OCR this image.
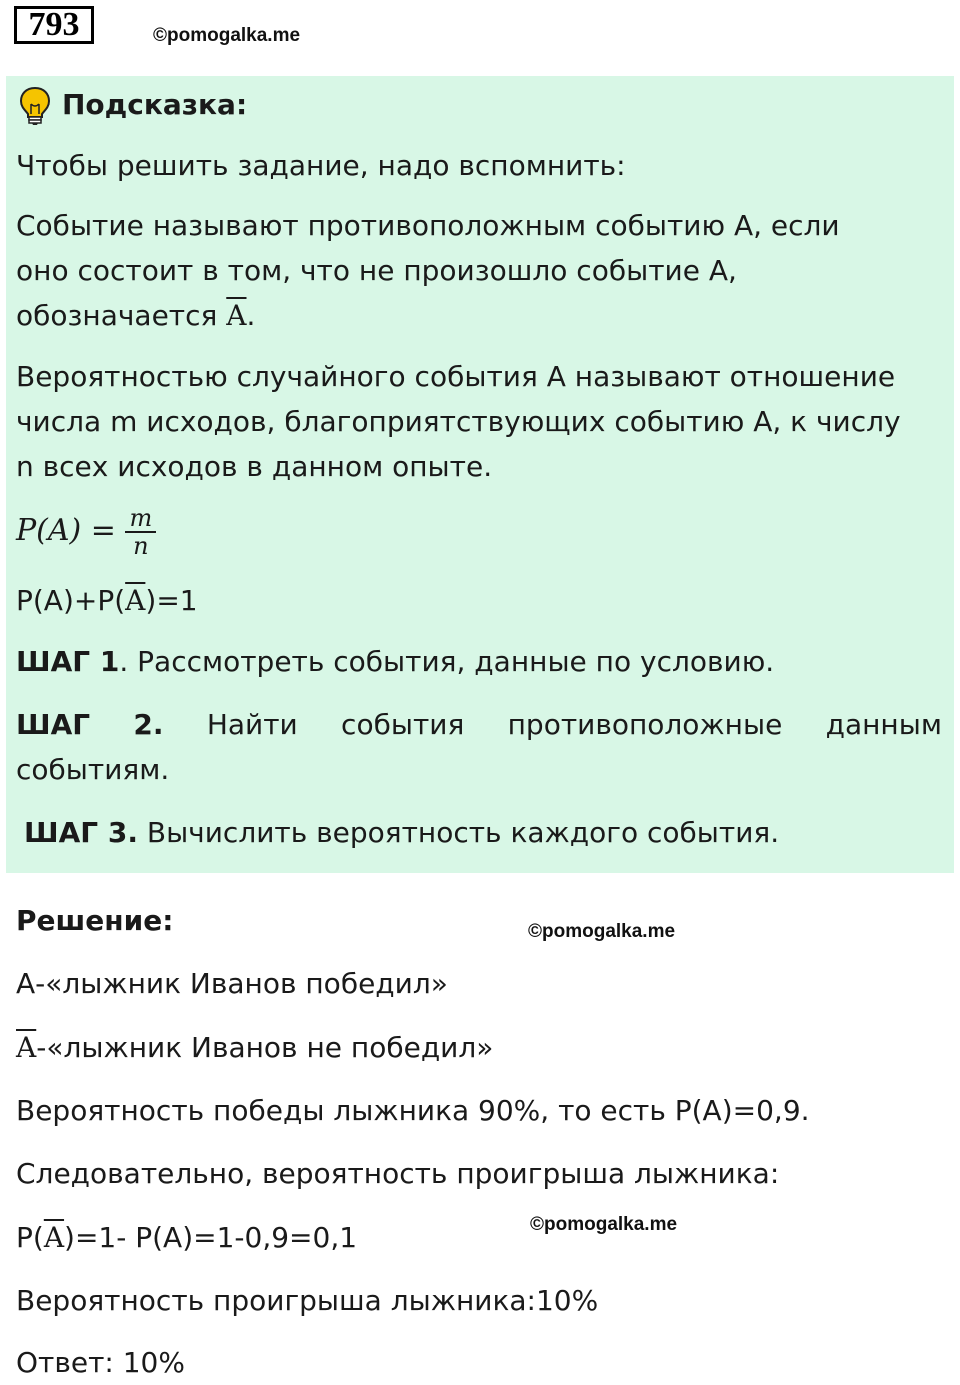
793	©pomogalka.me
Подсказка:
Чтобы решить задание, надо вспомнить:
Событие называют противоположным событию А, если
оно состоит в том, что не произошло событие А,
обозначается $\overline{A}$.
Вероятностью случайного события А называют отношение
числа m исходов, благоприятствующих событию А, к числу
n всех исходов в данном опыте.
$P(A) = \frac{m}{n}$
$P(A)+P(\overline{A})=1$
ШАГ 1. Рассмотреть события, данные по условию.
ШАГ 2. Найти события противоположные данным
событиям.
ШАГ 3. Вычислить вероятность каждого события.
Решение:	©pomogalka.me
А-«лыжник Иванов победил»
$\overline{A}-«лыжник$ Иванов не победил»
Вероятность победы лыжника 90%, то есть Р(А)=0,9.
Следовательно, вероятность проигрыша лыжника:
$Р(\overline{A})=1-$ Р(А)=1-0,9=0,1	©pomogalka.me
Вероятность проигрыша лыжника:10%
Ответ: 10%
